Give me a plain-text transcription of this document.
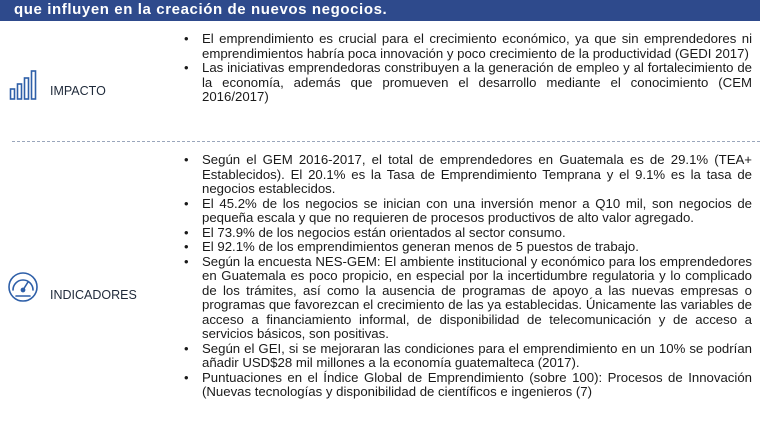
que influyen en la creación de nuevos negocios.
IMPACTO
• El emprendimiento es crucial para el crecimiento económico, ya que sin emprendedores ni emprendimientos habría poca innovación y poco crecimiento de la productividad (GEDI 2017)
• Las iniciativas emprendedoras constribuyen a la generación de empleo y al fortalecimiento de la economía, además que promueven el desarrollo mediante el conocimiento (CEM 2016/2017)
INDICADORES
• Según el GEM 2016-2017, el total de emprendedores en Guatemala es de 29.1% (TEA+ Establecidos). El 20.1% es la Tasa de Emprendimiento Temprana y el 9.1% es la tasa de negocios establecidos.
• El 45.2% de los negocios se inician con una inversión menor a Q10 mil, son negocios de pequeña escala y que no requieren de procesos productivos de alto valor agregado.
• El 73.9% de los negocios están orientados al sector consumo.
• El 92.1% de los emprendimientos generan menos de 5 puestos de trabajo.
• Según la encuesta NES-GEM: El ambiente institucional y económico para los emprendedores en Guatemala es poco propicio, en especial por la incertidumbre regulatoria y lo complicado de los trámites, así como la ausencia de programas de apoyo a las nuevas empresas o programas que favorezcan el crecimiento de las ya establecidas. Únicamente las variables de acceso a financiamiento informal, de disponibilidad de telecomunicación y de acceso a servicios básicos, son positivas.
• Según el GEI, si se mejoraran las condiciones para el emprendimiento en un 10% se podrían añadir USD$28 mil millones a la economía guatemalteca (2017).
• Puntuaciones en el Índice Global de Emprendimiento (sobre 100): Procesos de Innovación (Nuevas tecnologías y disponibilidad de científicos e ingenieros (7)
